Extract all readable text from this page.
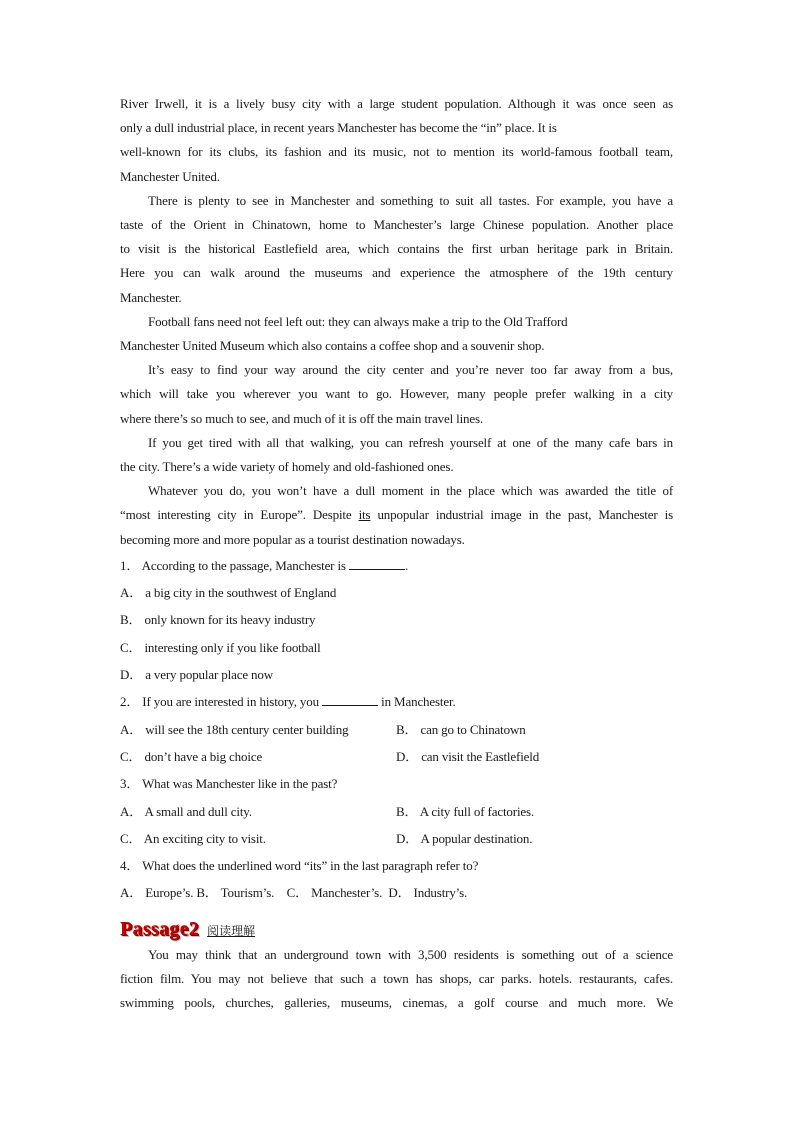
River Irwell, it is a lively busy city with a large student population. Although it was once seen as
only a dull industrial place, in recent years Manchester has become the “in” place. It is
well-known for its clubs, its fashion and its music, not to mention its world-famous football team,
Manchester United.
There is plenty to see in Manchester and something to suit all tastes. For example, you have a
taste of the Orient in Chinatown, home to Manchester’s large Chinese population. Another place
to visit is the historical Eastlefield area, which contains the first urban heritage park in Britain.
Here you can walk around the museums and experience the atmosphere of the 19th century
Manchester.
Football fans need not feel left out: they can always make a trip to the Old Trafford
Manchester United Museum which also contains a coffee shop and a souvenir shop.
It’s easy to find your way around the city center and you’re never too far away from a bus,
which will take you wherever you want to go. However, many people prefer walking in a city
where there’s so much to see, and much of it is off the main travel lines.
If you get tired with all that walking, you can refresh yourself at one of the many cafe bars in
the city. There’s a wide variety of homely and old-fashioned ones.
Whatever you do, you won’t have a dull moment in the place which was awarded the title of
“most interesting city in Europe”. Despite its unpopular industrial image in the past, Manchester is
becoming more and more popular as a tourist destination nowadays.
1． According to the passage, Manchester is	.
A． a big city in the southwest of England
B． only known for its heavy industry
C． interesting only if you like football
D． a very popular place now
2． If you are interested in history, you	in Manchester.
A． will see the 18th century center building	B． can go to Chinatown
C． don’t have a big choice	D． can visit the Eastlefield
3． What was Manchester like in the past?
A． A small and dull city.	B． A city full of factories.
C． An exciting city to visit.	D． A popular destination.
4． What does the underlined word “its” in the last paragraph refer to?
A． Europe’s. B． Tourism’s.    C． Manchester’s.  D． Industry’s.
Passage2 阅读理解
You may think that an underground town with 3,500 residents is something out of a science
fiction film. You may not believe that such a town has shops, car parks. hotels. restaurants, cafes.
swimming pools, churches, galleries, museums, cinemas, a golf course and much more. We
